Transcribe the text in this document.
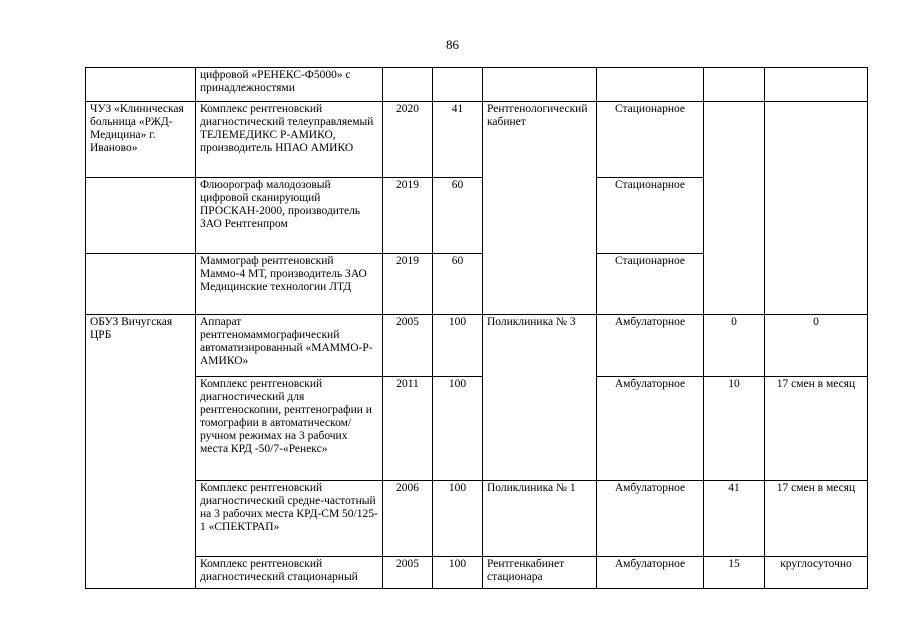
86
	цифровой «РЕНЕКС-Ф5000» с принадлежностями						
ЧУЗ «Клиническая больница «РЖД-Медицина» г. Иваново»	Комплекс рентгеновский диагностический телеуправляемый ТЕЛЕМЕДИКС Р-АМИКО, производитель НПАО АМИКО	2020	41	Рентгенологический кабинет	Стационарное		
	Флюорограф малодозовый цифровой сканирующий ПРОСКАН-2000, производитель ЗАО Рентгенпром	2019	60		Стационарное		
	Маммограф рентгеновский Маммо-4 МТ, производитель ЗАО Медицинские технологии ЛТД	2019	60		Стационарное		
ОБУЗ Вичугская ЦРБ	Аппарат рентгеномаммографический автоматизированный «МАММО-Р-АМИКО»	2005	100	Поликлиника № 3	Амбулаторное	0	0
	Комплекс рентгеновский диагностический для рентгеноскопии, рентгенографии и томографии в автоматическом/ручном режимах на 3 рабочих места КРД -50/7-«Ренекс»	2011	100		Амбулаторное	10	17 смен в месяц
	Комплекс рентгеновский диагностический средне-частотный на 3 рабочих места КРД-СМ 50/125-1 «СПЕКТРАП»	2006	100	Поликлиника № 1	Амбулаторное	41	17 смен в месяц
	Комплекс рентгеновский диагностический стационарный	2005	100	Рентгенкабинет стационара	Амбулаторное	15	круглосуточно
